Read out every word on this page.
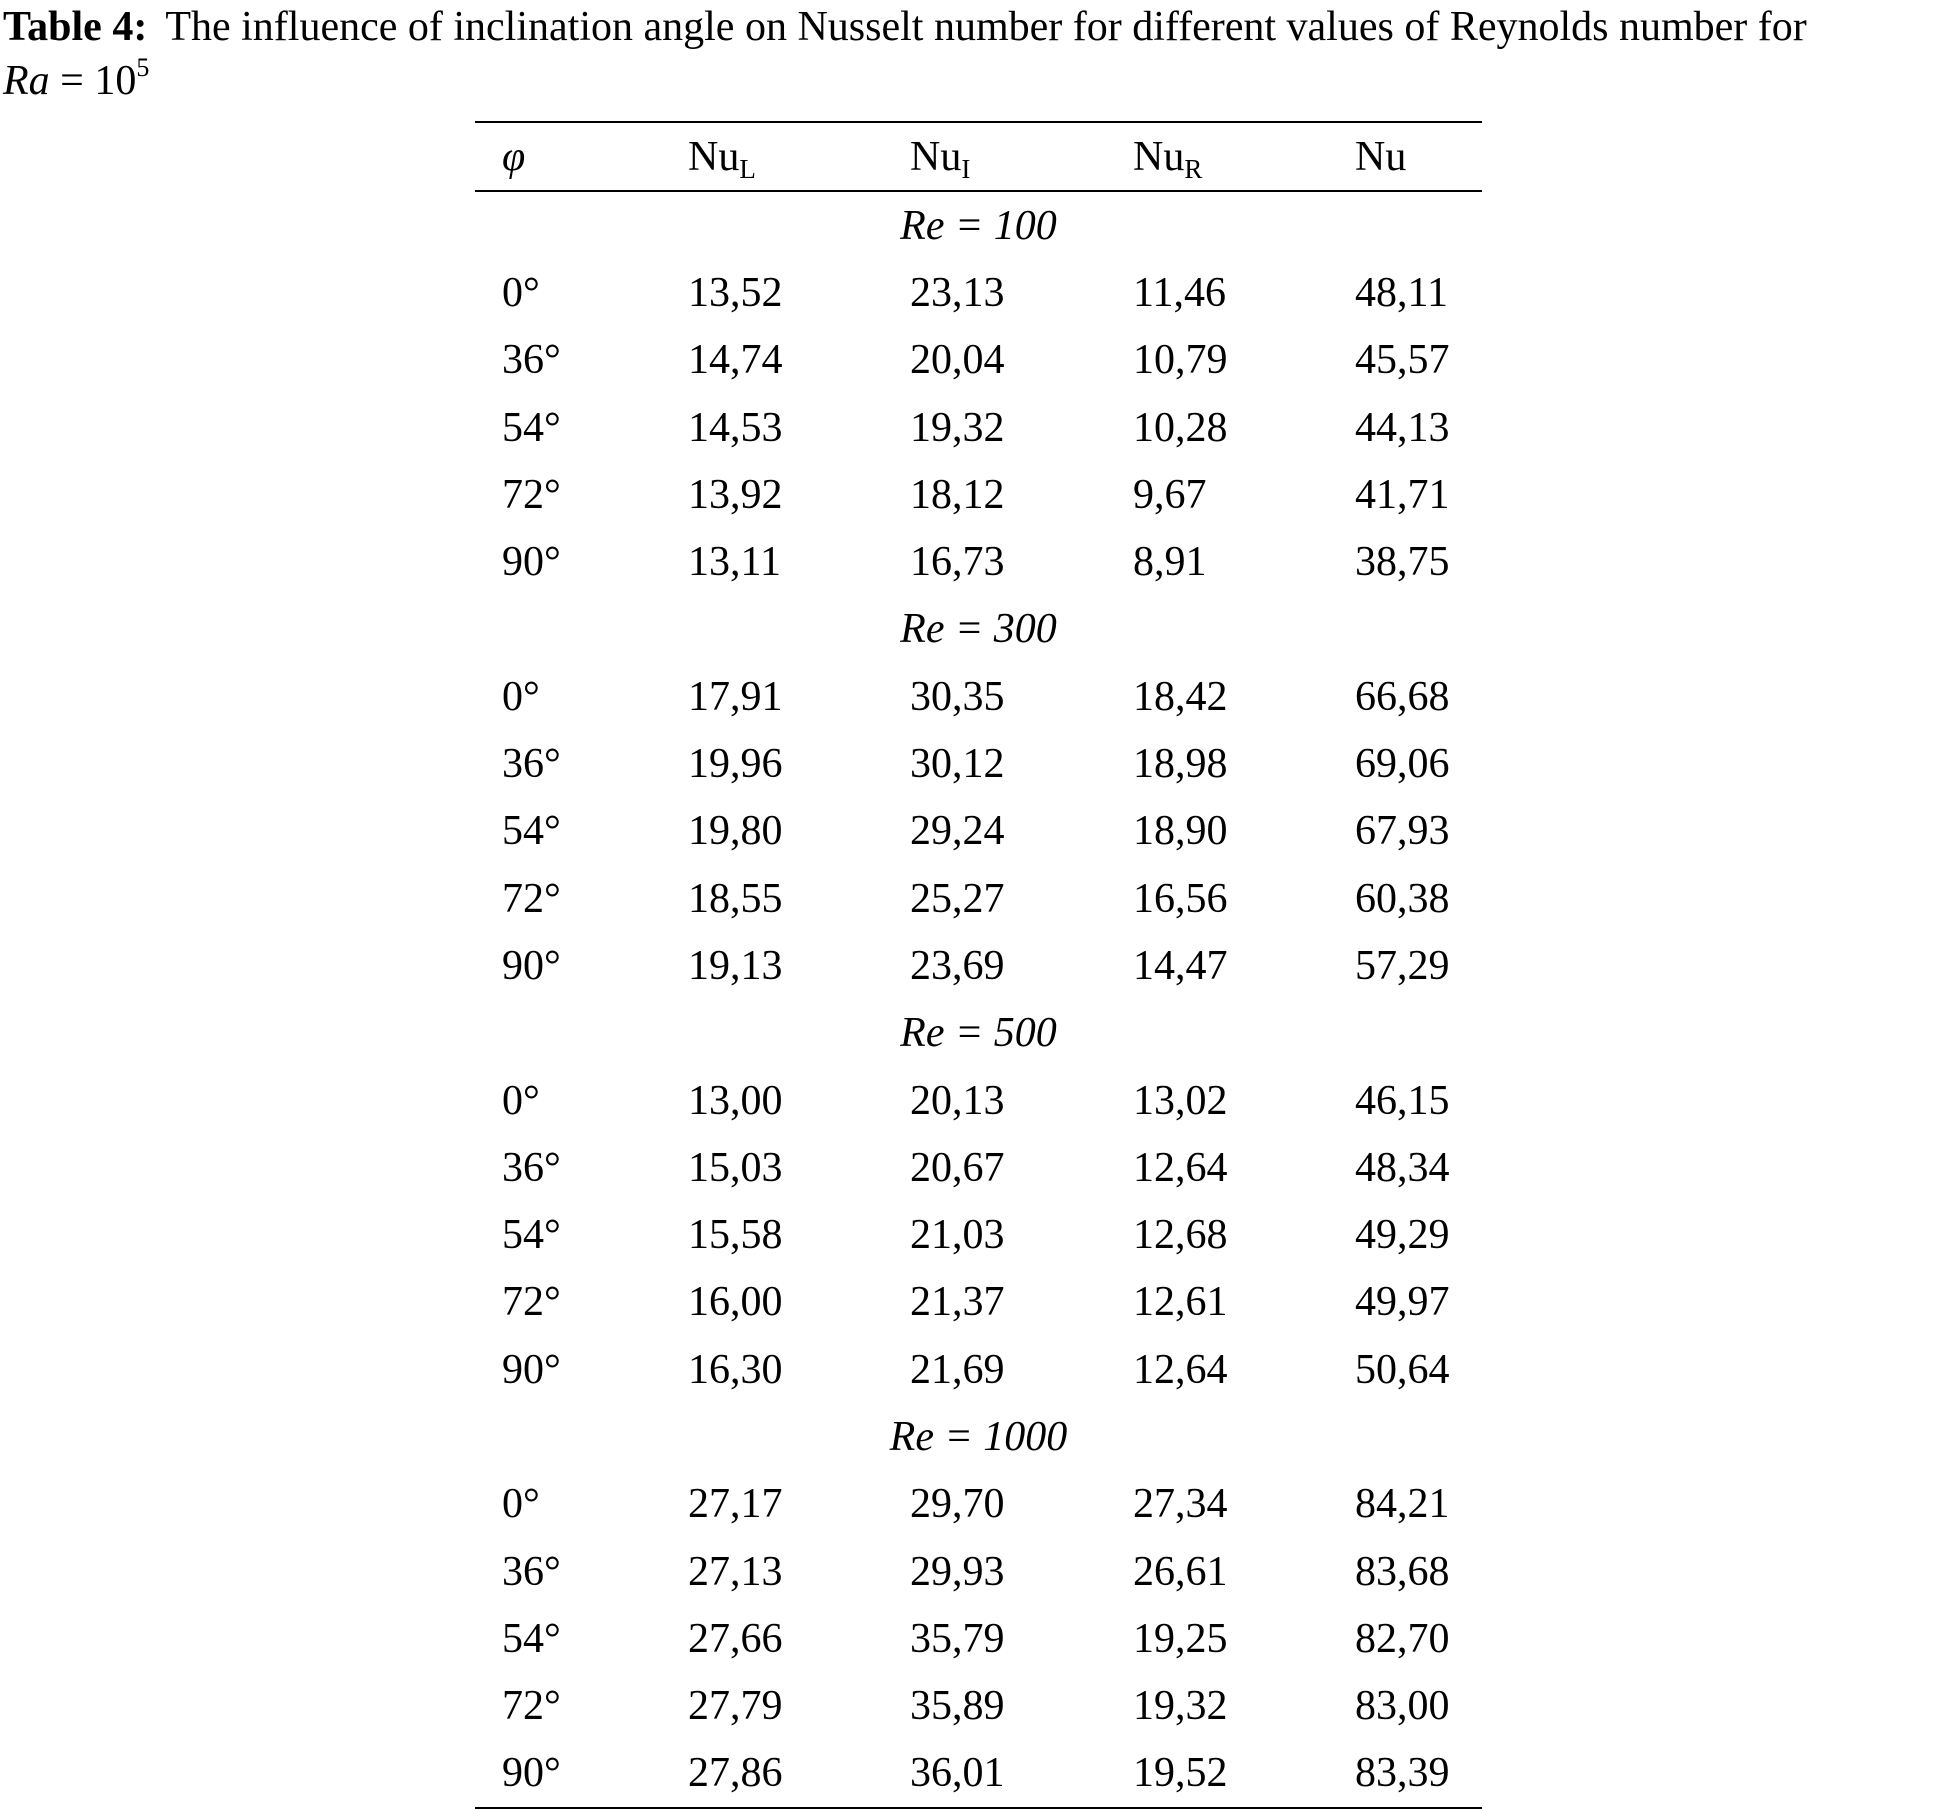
Table 4: The influence of inclination angle on Nusselt number for different values of Reynolds number for
$Ra = 10^5$
φ	$Nu_L$	$Nu_I$	$Nu_R$	Nu
Re = 100				
0°	13,52	23,13	11,46	48,11
36°	14,74	20,04	10,79	45,57
54°	14,53	19,32	10,28	44,13
72°	13,92	18,12	9,67	41,71
90°	13,11	16,73	8,91	38,75
Re = 300				
0°	17,91	30,35	18,42	66,68
36°	19,96	30,12	18,98	69,06
54°	19,80	29,24	18,90	67,93
72°	18,55	25,27	16,56	60,38
90°	19,13	23,69	14,47	57,29
Re = 500				
0°	13,00	20,13	13,02	46,15
36°	15,03	20,67	12,64	48,34
54°	15,58	21,03	12,68	49,29
72°	16,00	21,37	12,61	49,97
90°	16,30	21,69	12,64	50,64
Re = 1000				
0°	27,17	29,70	27,34	84,21
36°	27,13	29,93	26,61	83,68
54°	27,66	35,79	19,25	82,70
72°	27,79	35,89	19,32	83,00
90°	27,86	36,01	19,52	83,39
